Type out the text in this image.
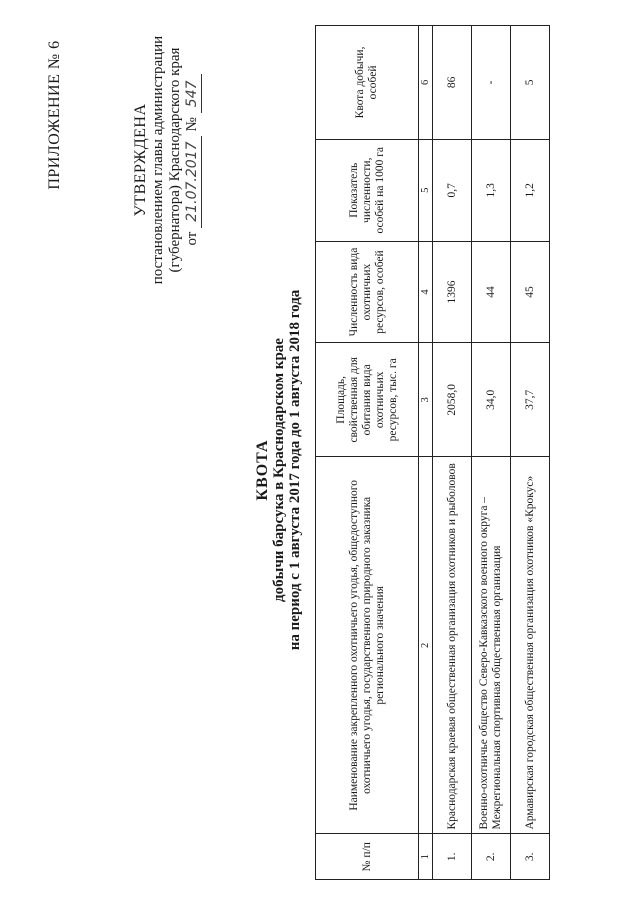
ПРИЛОЖЕНИЕ № 6	УТВЕРЖДЕНА постановлением главы администрации (губернатора) Краснодарского края от
21.07.2017
№
547
КВОТА добычи барсука в Краснодарском крае на период с 1 августа 2017 года до 1 августа 2018 года
№ п/п	Наименование закрепленного охотничьего угодья, общедоступного охотничьего угодья, государственного природного заказника регионального значения	Площадь, свойственная для обитания вида охотничьих ресурсов, тыс. га	Численность вида охотничьих ресурсов, особей	Показатель численности, особей на 1000 га	Квота добычи, особей
1	2	3	4	5	6
1.	Краснодарская краевая общественная организация охотников и рыболовов	2058,0	1396	0,7	86
2.	Военно-охотничье общество Северо-Кавказского военного округа – Межрегиональная спортивная общественная организация	34,0	44	1,3	-
3.	Армавирская городская общественная организация охотников «Крокус»	37,7	45	1,2	5
